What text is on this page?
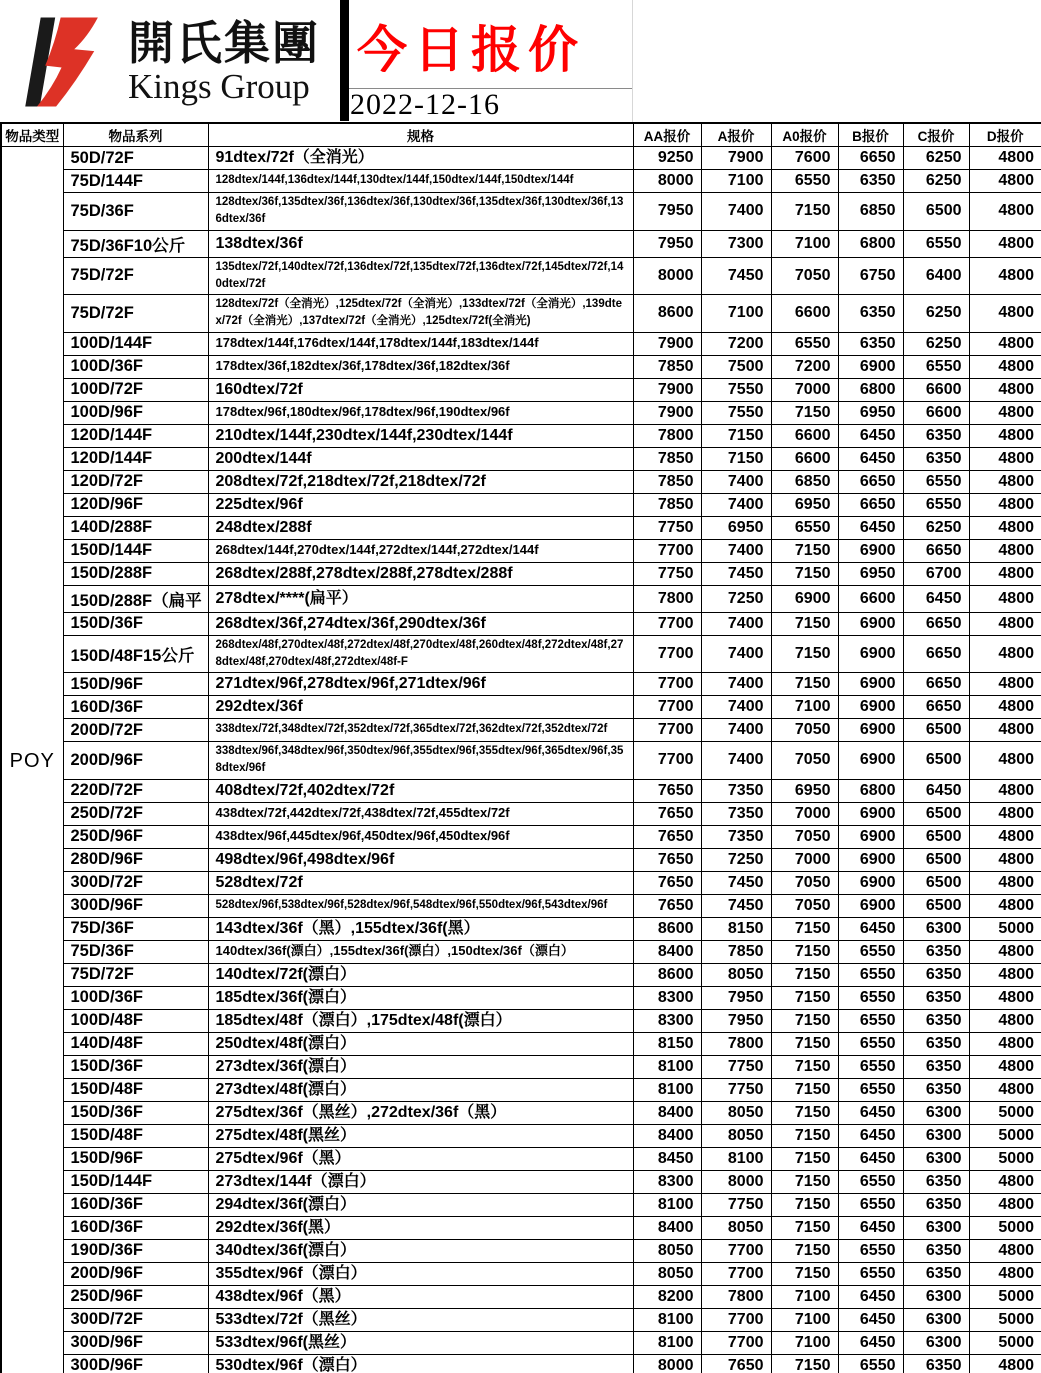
開氏集團
Kings Group
今日报价
2022-12-16
物品类型	物品系列	规格	AA报价	A报价	A0报价	B报价	C报价	D报价
POY	50D/72F	91dtex/72f（全消光）	9250	7900	7600	6650	6250	4800
	75D/144F	128dtex/144f,136dtex/144f,130dtex/144f,150dtex/144f,150dtex/144f	8000	7100	6550	6350	6250	4800
	75D/36F	128dtex/36f,135dtex/36f,136dtex/36f,130dtex/36f,135dtex/36f,130dtex/36f,136dtex/36f	7950	7400	7150	6850	6500	4800
	75D/36F10公斤	138dtex/36f	7950	7300	7100	6800	6550	4800
	75D/72F	135dtex/72f,140dtex/72f,136dtex/72f,135dtex/72f,136dtex/72f,145dtex/72f,140dtex/72f	8000	7450	7050	6750	6400	4800
	75D/72F	128dtex/72f（全消光）,125dtex/72f（全消光）,133dtex/72f（全消光）,139dtex/72f（全消光）,137dtex/72f（全消光）,125dtex/72f(全消光)	8600	7100	6600	6350	6250	4800
	100D/144F	178dtex/144f,176dtex/144f,178dtex/144f,183dtex/144f	7900	7200	6550	6350	6250	4800
	100D/36F	178dtex/36f,182dtex/36f,178dtex/36f,182dtex/36f	7850	7500	7200	6900	6550	4800
	100D/72F	160dtex/72f	7900	7550	7000	6800	6600	4800
	100D/96F	178dtex/96f,180dtex/96f,178dtex/96f,190dtex/96f	7900	7550	7150	6950	6600	4800
	120D/144F	210dtex/144f,230dtex/144f,230dtex/144f	7800	7150	6600	6450	6350	4800
	120D/144F	200dtex/144f	7850	7150	6600	6450	6350	4800
	120D/72F	208dtex/72f,218dtex/72f,218dtex/72f	7850	7400	6850	6650	6550	4800
	120D/96F	225dtex/96f	7850	7400	6950	6650	6550	4800
	140D/288F	248dtex/288f	7750	6950	6550	6450	6250	4800
	150D/144F	268dtex/144f,270dtex/144f,272dtex/144f,272dtex/144f	7700	7400	7150	6900	6650	4800
	150D/288F	268dtex/288f,278dtex/288f,278dtex/288f	7750	7450	7150	6950	6700	4800
	150D/288F（扁平	278dtex/****(扁平）	7800	7250	6900	6600	6450	4800
	150D/36F	268dtex/36f,274dtex/36f,290dtex/36f	7700	7400	7150	6900	6650	4800
	150D/48F15公斤	268dtex/48f,270dtex/48f,272dtex/48f,270dtex/48f,260dtex/48f,272dtex/48f,278dtex/48f,270dtex/48f,272dtex/48f-F	7700	7400	7150	6900	6650	4800
	150D/96F	271dtex/96f,278dtex/96f,271dtex/96f	7700	7400	7150	6900	6650	4800
	160D/36F	292dtex/36f	7700	7400	7100	6900	6650	4800
	200D/72F	338dtex/72f,348dtex/72f,352dtex/72f,365dtex/72f,362dtex/72f,352dtex/72f	7700	7400	7050	6900	6500	4800
	200D/96F	338dtex/96f,348dtex/96f,350dtex/96f,355dtex/96f,355dtex/96f,365dtex/96f,358dtex/96f	7700	7400	7050	6900	6500	4800
	220D/72F	408dtex/72f,402dtex/72f	7650	7350	6950	6800	6450	4800
	250D/72F	438dtex/72f,442dtex/72f,438dtex/72f,455dtex/72f	7650	7350	7000	6900	6500	4800
	250D/96F	438dtex/96f,445dtex/96f,450dtex/96f,450dtex/96f	7650	7350	7050	6900	6500	4800
	280D/96F	498dtex/96f,498dtex/96f	7650	7250	7000	6900	6500	4800
	300D/72F	528dtex/72f	7650	7450	7050	6900	6500	4800
	300D/96F	528dtex/96f,538dtex/96f,528dtex/96f,548dtex/96f,550dtex/96f,543dtex/96f	7650	7450	7050	6900	6500	4800
	75D/36F	143dtex/36f（黑）,155dtex/36f(黑）	8600	8150	7150	6450	6300	5000
	75D/36F	140dtex/36f(漂白）,155dtex/36f(漂白）,150dtex/36f（漂白）	8400	7850	7150	6550	6350	4800
	75D/72F	140dtex/72f(漂白）	8600	8050	7150	6550	6350	4800
	100D/36F	185dtex/36f(漂白）	8300	7950	7150	6550	6350	4800
	100D/48F	185dtex/48f（漂白）,175dtex/48f(漂白）	8300	7950	7150	6550	6350	4800
	140D/48F	250dtex/48f(漂白）	8150	7800	7150	6550	6350	4800
	150D/36F	273dtex/36f(漂白）	8100	7750	7150	6550	6350	4800
	150D/48F	273dtex/48f(漂白）	8100	7750	7150	6550	6350	4800
	150D/36F	275dtex/36f（黑丝）,272dtex/36f（黑）	8400	8050	7150	6450	6300	5000
	150D/48F	275dtex/48f(黑丝）	8400	8050	7150	6450	6300	5000
	150D/96F	275dtex/96f（黑）	8450	8100	7150	6450	6300	5000
	150D/144F	273dtex/144f（漂白）	8300	8000	7150	6550	6350	4800
	160D/36F	294dtex/36f(漂白）	8100	7750	7150	6550	6350	4800
	160D/36F	292dtex/36f(黑）	8400	8050	7150	6450	6300	5000
	190D/36F	340dtex/36f(漂白）	8050	7700	7150	6550	6350	4800
	200D/96F	355dtex/96f（漂白）	8050	7700	7150	6550	6350	4800
	250D/96F	438dtex/96f（黑）	8200	7800	7100	6450	6300	5000
	300D/72F	533dtex/72f（黑丝）	8100	7700	7100	6450	6300	5000
	300D/96F	533dtex/96f(黑丝）	8100	7700	7100	6450	6300	5000
	300D/96F	530dtex/96f（漂白）	8000	7650	7150	6550	6350	4800
